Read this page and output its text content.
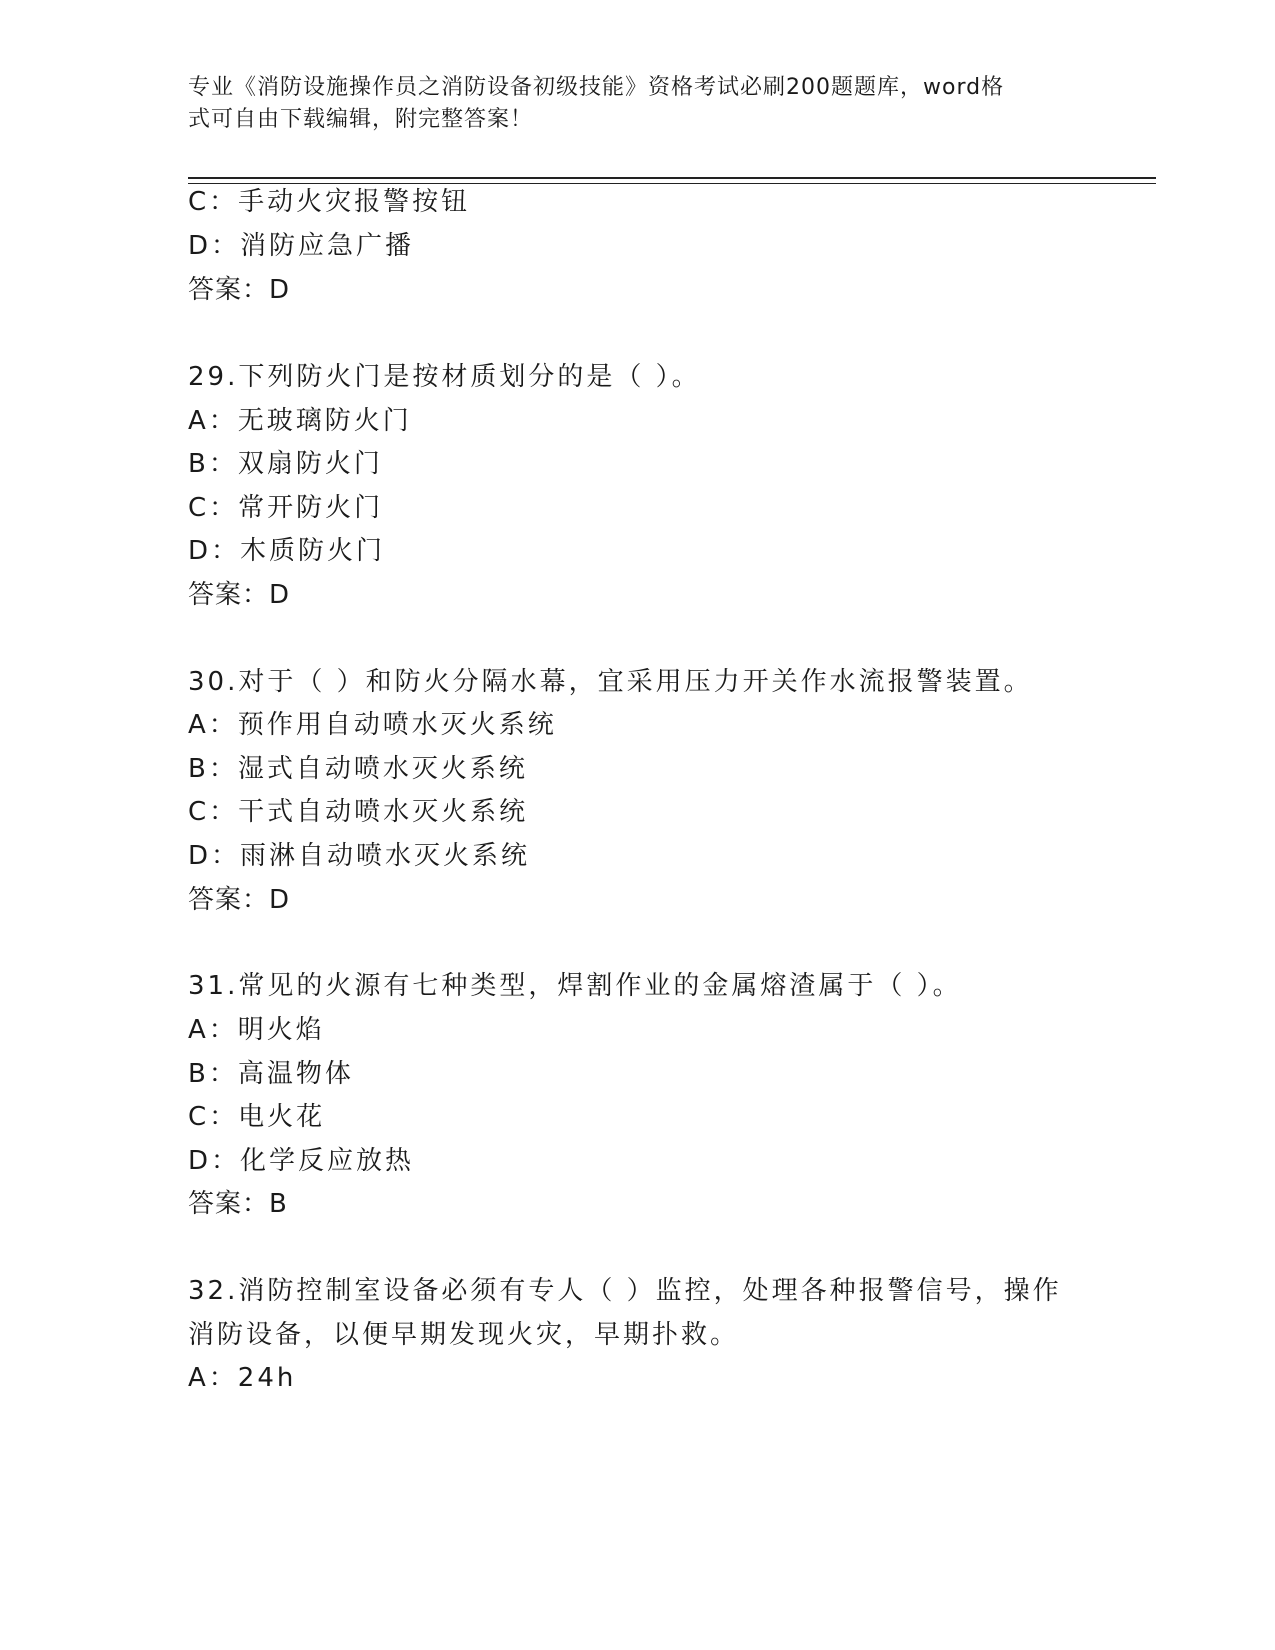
专业《消防设施操作员之消防设备初级技能》资格考试必刷200题题库，word格
式可自由下载编辑，附完整答案！
C：手动火灾报警按钮
D：消防应急广播
答案：D
29.下列防火门是按材质划分的是（ ）。
A：无玻璃防火门
B：双扇防火门
C：常开防火门
D：木质防火门
答案：D
30.对于（ ）和防火分隔水幕，宜采用压力开关作水流报警装置。
A：预作用自动喷水灭火系统
B：湿式自动喷水灭火系统
C：干式自动喷水灭火系统
D：雨淋自动喷水灭火系统
答案：D
31.常见的火源有七种类型，焊割作业的金属熔渣属于（ ）。
A：明火焰
B：高温物体
C：电火花
D：化学反应放热
答案：B
32.消防控制室设备必须有专人（ ）监控，处理各种报警信号，操作
消防设备，以便早期发现火灾，早期扑救。
A：24h
